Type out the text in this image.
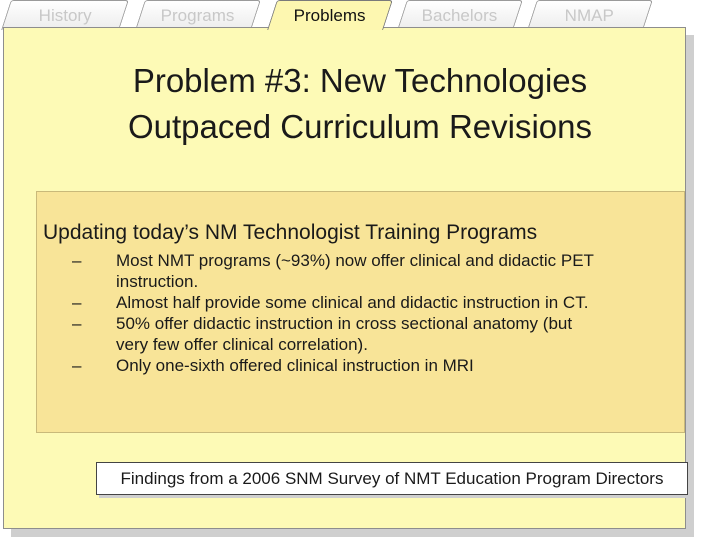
History	Programs	Problems	Bachelors	NMAP
Problem #3: New Technologies
Outpaced Curriculum Revisions
Updating today’s NM Technologist Training Programs
– Most NMT programs (~93%) now offer clinical and didactic PET
instruction.
– Almost half provide some clinical and didactic instruction in CT.
– 50% offer didactic instruction in cross sectional anatomy (but
very few offer clinical correlation).
– Only one-sixth offered clinical instruction in MRI
Findings from a 2006 SNM Survey of NMT Education Program Directors
